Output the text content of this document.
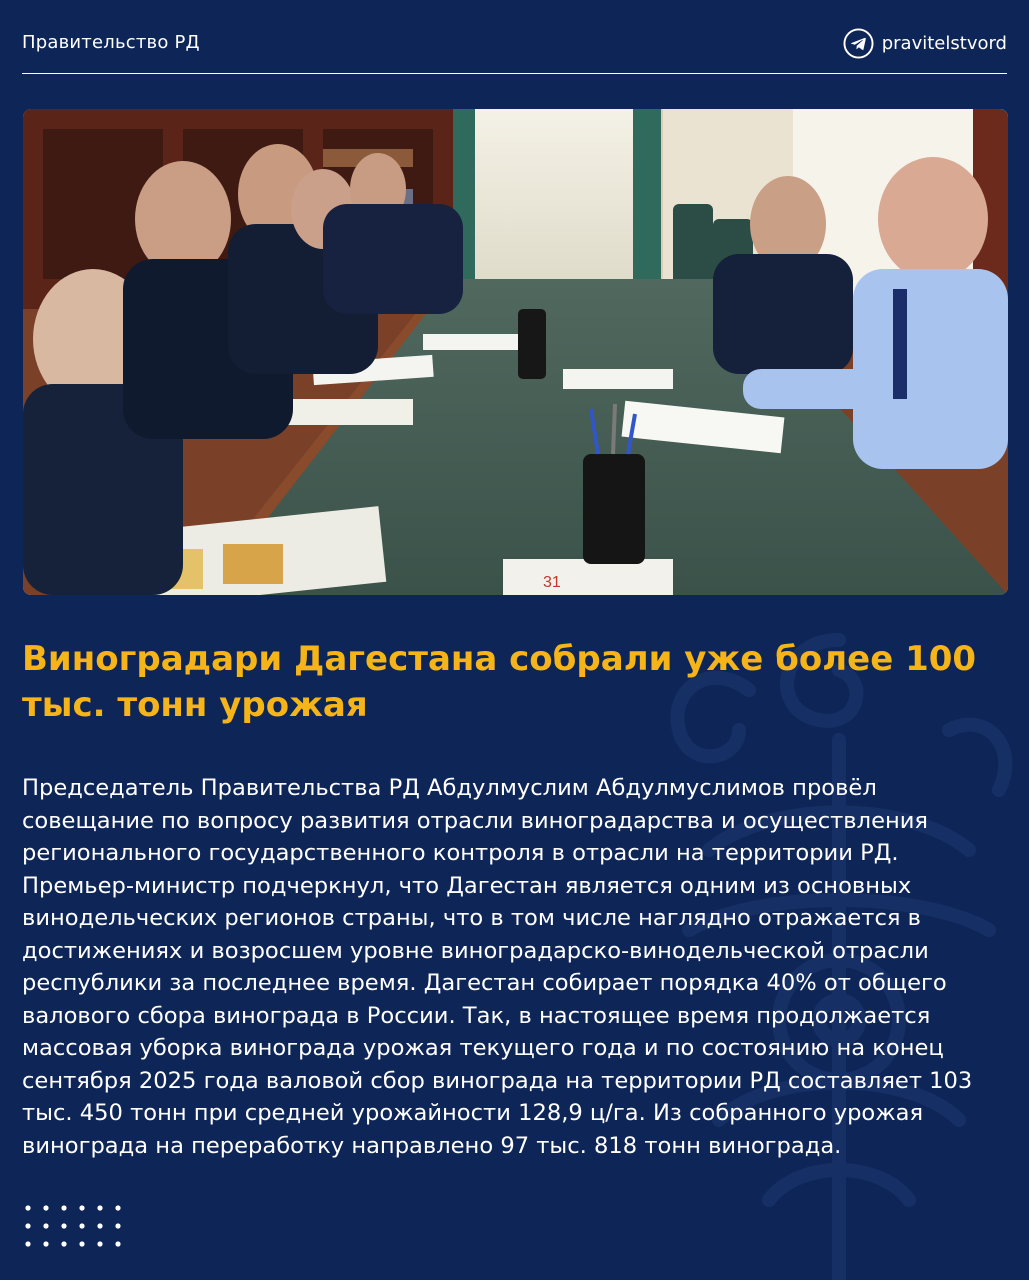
Правительство РД	pravitelstvord
31
Виноградари Дагестана собрали уже более 100 тыс. тонн урожая
Председатель Правительства РД Абдулмуслим Абдулмуслимов провёл совещание по вопросу развития отрасли виноградарства и осуществления регионального государственного контроля в отрасли на территории РД. Премьер-министр подчеркнул, что Дагестан является одним из основных винодельческих регионов страны, что в том числе наглядно отражается в достижениях и возросшем уровне виноградарско-винодельческой отрасли республики за последнее время. Дагестан собирает порядка 40% от общего валового сбора винограда в России. Так, в настоящее время продолжается массовая уборка винограда урожая текущего года и по состоянию на конец сентября 2025 года валовой сбор винограда на территории РД составляет 103 тыс. 450 тонн при средней урожайности 128,9 ц/га. Из собранного урожая винограда на переработку направлено 97 тыс. 818 тонн винограда.
